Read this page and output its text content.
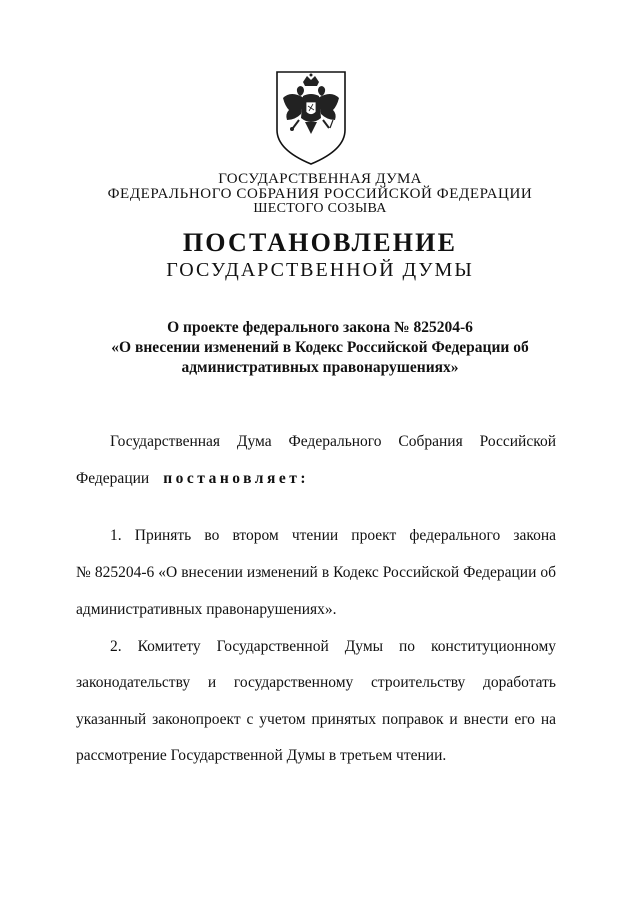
ГОСУДАРСТВЕННАЯ ДУМА
ФЕДЕРАЛЬНОГО СОБРАНИЯ РОССИЙСКОЙ ФЕДЕРАЦИИ
ШЕСТОГО СОЗЫВА
ПОСТАНОВЛЕНИЕ
ГОСУДАРСТВЕННОЙ ДУМЫ
О проекте федерального закона № 825204-6
«О внесении изменений в Кодекс Российской Федерации об
административных правонарушениях»
Государственная Дума Федерального Собрания Российской
Федерации постановляет:
1. Принять во втором чтении проект федерального закона
№ 825204-6 «О внесении изменений в Кодекс Российской Федерации об
административных правонарушениях».
2. Комитету Государственной Думы по конституционному
законодательству и государственному строительству доработать
указанный законопроект с учетом принятых поправок и внести его на
рассмотрение Государственной Думы в третьем чтении.
